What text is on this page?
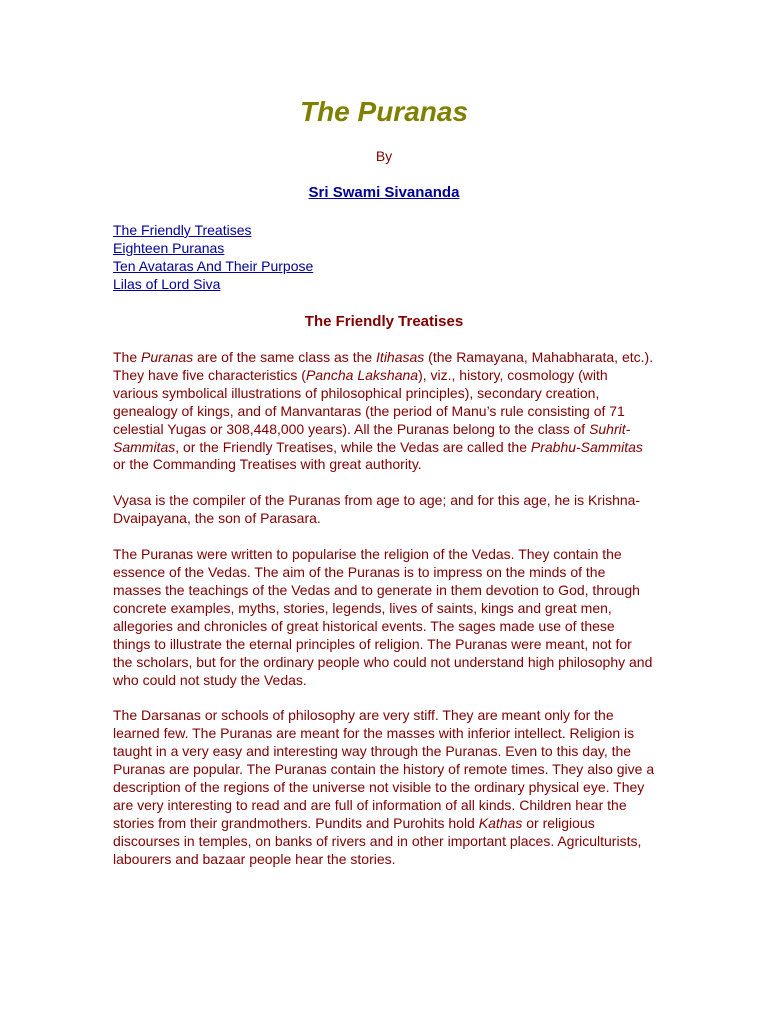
The Puranas

By

Sri Swami Sivananda

The Friendly Treatises
Eighteen Puranas
Ten Avataras And Their Purpose
Lilas of Lord Siva
The Friendly Treatises

The Puranas are of the same class as the Itihasas (the Ramayana, Mahabharata, etc.). They have five characteristics (Pancha Lakshana), viz., history, cosmology (with various symbolical illustrations of philosophical principles), secondary creation, genealogy of kings, and of Manvantaras (the period of Manu’s rule consisting of 71 celestial Yugas or 308,448,000 years). All the Puranas belong to the class of Suhrit-Sammitas, or the Friendly Treatises, while the Vedas are called the Prabhu-Sammitas or the Commanding Treatises with great authority.

Vyasa is the compiler of the Puranas from age to age; and for this age, he is Krishna-Dvaipayana, the son of Parasara.

The Puranas were written to popularise the religion of the Vedas. They contain the essence of the Vedas. The aim of the Puranas is to impress on the minds of the masses the teachings of the Vedas and to generate in them devotion to God, through concrete examples, myths, stories, legends, lives of saints, kings and great men, allegories and chronicles of great historical events. The sages made use of these things to illustrate the eternal principles of religion. The Puranas were meant, not for the scholars, but for the ordinary people who could not understand high philosophy and who could not study the Vedas.

The Darsanas or schools of philosophy are very stiff. They are meant only for the learned few. The Puranas are meant for the masses with inferior intellect. Religion is taught in a very easy and interesting way through the Puranas. Even to this day, the Puranas are popular. The Puranas contain the history of remote times. They also give a description of the regions of the universe not visible to the ordinary physical eye. They are very interesting to read and are full of information of all kinds. Children hear the stories from their grandmothers. Pundits and Purohits hold Kathas or religious discourses in temples, on banks of rivers and in other important places. Agriculturists, labourers and bazaar people hear the stories.
